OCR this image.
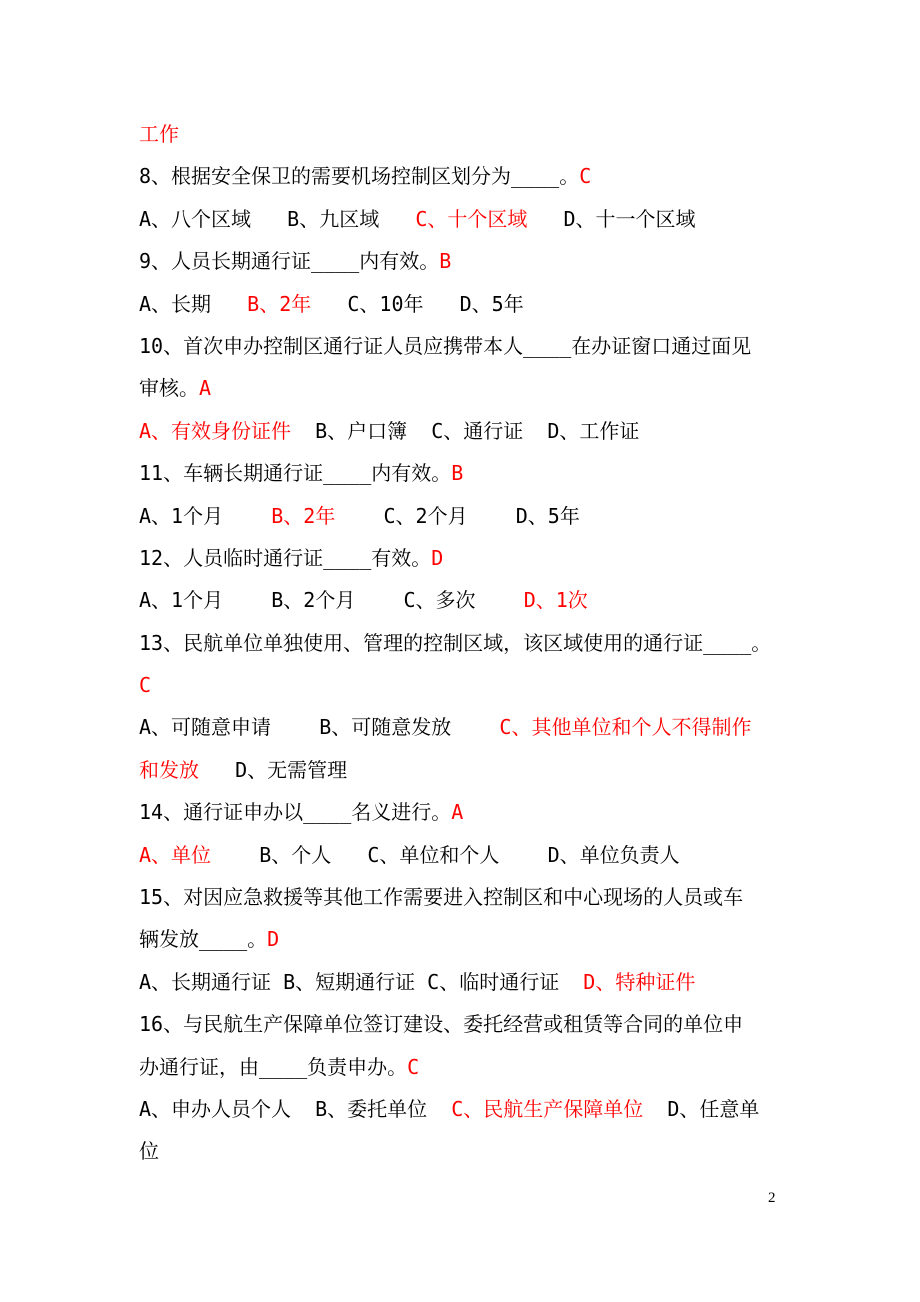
工作
8、根据安全保卫的需要机场控制区划分为____。C
A、八个区域   B、九区域   C、十个区域   D、十一个区域
9、人员长期通行证____内有效。B
A、长期   B、2年   C、10年   D、5年
10、首次申办控制区通行证人员应携带本人____在办证窗口通过面见
审核。A
A、有效身份证件  B、户口簿  C、通行证  D、工作证
11、车辆长期通行证____内有效。B
A、1个月    B、2年    C、2个月    D、5年
12、人员临时通行证____有效。D
A、1个月    B、2个月    C、多次    D、1次
13、民航单位单独使用、管理的控制区域，该区域使用的通行证____。
C
A、可随意申请    B、可随意发放    C、其他单位和个人不得制作
和发放   D、无需管理
14、通行证申办以____名义进行。A
A、单位    B、个人   C、单位和个人    D、单位负责人
15、对因应急救援等其他工作需要进入控制区和中心现场的人员或车
辆发放____。D
A、长期通行证 B、短期通行证 C、临时通行证  D、特种证件
16、与民航生产保障单位签订建设、委托经营或租赁等合同的单位申
办通行证，由____负责申办。C
A、申办人员个人  B、委托单位  C、民航生产保障单位  D、任意单
位
2
